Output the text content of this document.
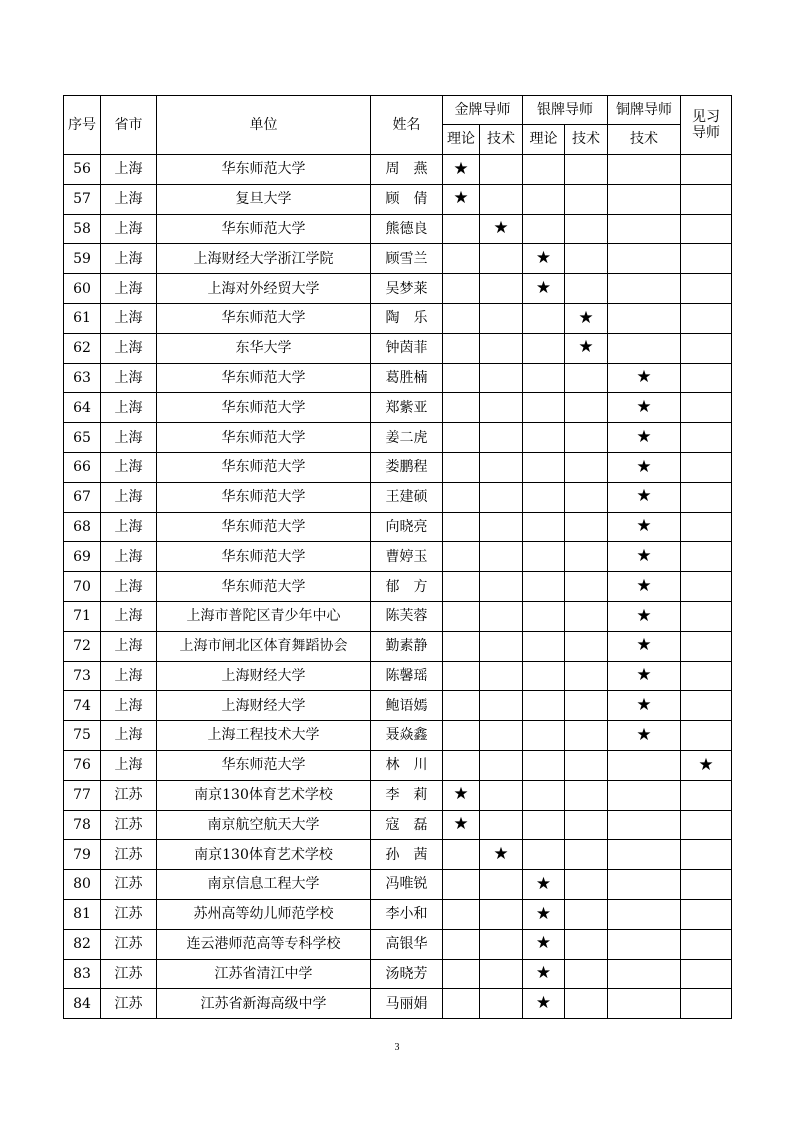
序号	省市	单位	姓名	金牌导师		银牌导师		铜牌导师	见习
导师
				理论	技术	理论	技术	技术	
56	上海	华东师范大学	周　燕	★					
57	上海	复旦大学	顾　倩	★					
58	上海	华东师范大学	熊德良		★				
59	上海	上海财经大学浙江学院	顾雪兰			★			
60	上海	上海对外经贸大学	吴梦莱			★			
61	上海	华东师范大学	陶　乐				★		
62	上海	东华大学	钟茵菲				★		
63	上海	华东师范大学	葛胜楠					★	
64	上海	华东师范大学	郑紫亚					★	
65	上海	华东师范大学	姜二虎					★	
66	上海	华东师范大学	娄鹏程					★	
67	上海	华东师范大学	王建硕					★	
68	上海	华东师范大学	向晓亮					★	
69	上海	华东师范大学	曹婷玉					★	
70	上海	华东师范大学	郁　方					★	
71	上海	上海市普陀区青少年中心	陈芙蓉					★	
72	上海	上海市闸北区体育舞蹈协会	勤素静					★	
73	上海	上海财经大学	陈馨瑶					★	
74	上海	上海财经大学	鲍语嫣					★	
75	上海	上海工程技术大学	聂焱鑫					★	
76	上海	华东师范大学	林　川						★
77	江苏	南京130体育艺术学校	李　莉	★					
78	江苏	南京航空航天大学	寇　磊	★					
79	江苏	南京130体育艺术学校	孙　茜		★				
80	江苏	南京信息工程大学	冯唯锐			★			
81	江苏	苏州高等幼儿师范学校	李小和			★			
82	江苏	连云港师范高等专科学校	高银华			★			
83	江苏	江苏省清江中学	汤晓芳			★			
84	江苏	江苏省新海高级中学	马丽娟			★			
3
